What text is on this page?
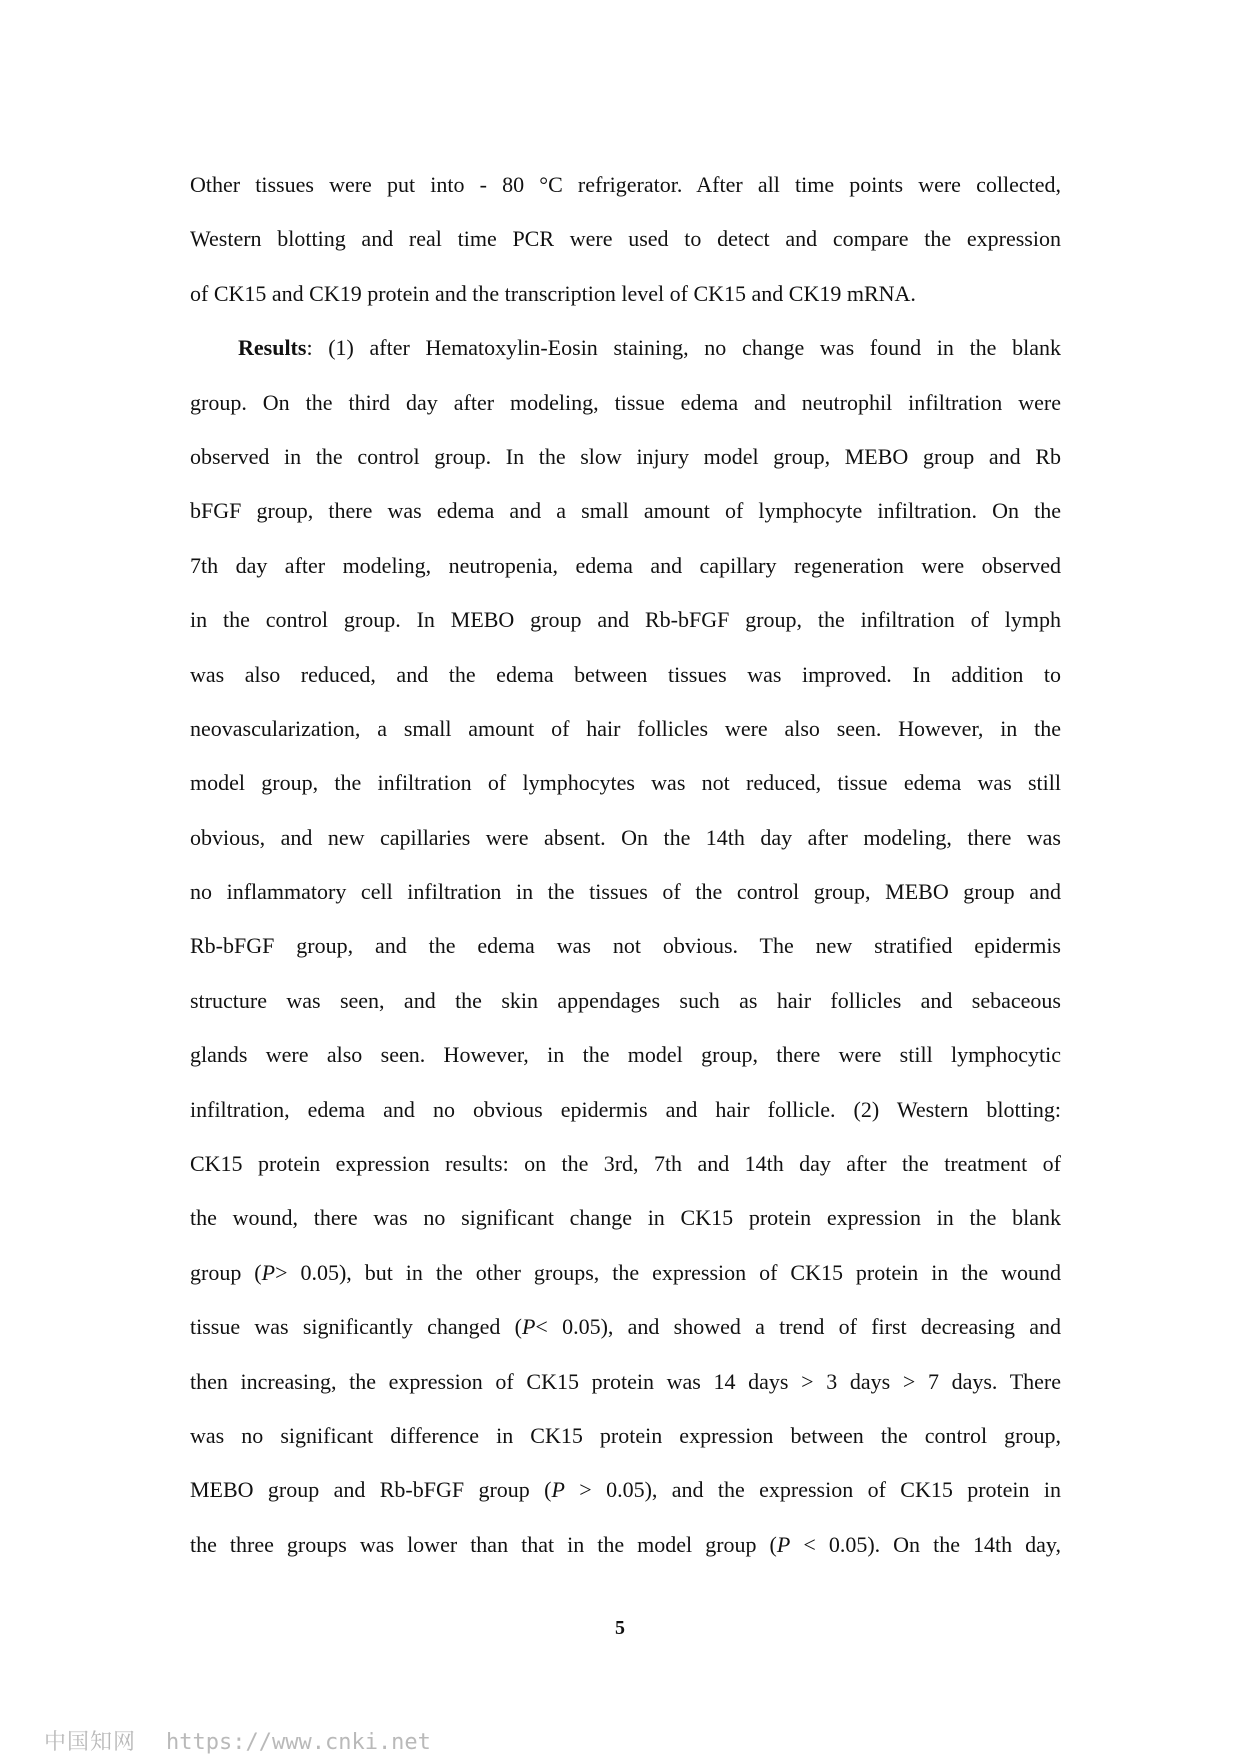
Other tissues were put into - 80 °C refrigerator. After all time points were collected,
Western blotting and real time PCR were used to detect and compare the expression
of CK15 and CK19 protein and the transcription level of CK15 and CK19 mRNA.
Results: (1) after Hematoxylin-Eosin staining, no change was found in the blank
group. On the third day after modeling, tissue edema and neutrophil infiltration were
observed in the control group. In the slow injury model group, MEBO group and Rb
bFGF group, there was edema and a small amount of lymphocyte infiltration. On the
7th day after modeling, neutropenia, edema and capillary regeneration were observed
in the control group. In MEBO group and Rb-bFGF group, the infiltration of lymph
was also reduced, and the edema between tissues was improved. In addition to
neovascularization, a small amount of hair follicles were also seen. However, in the
model group, the infiltration of lymphocytes was not reduced, tissue edema was still
obvious, and new capillaries were absent. On the 14th day after modeling, there was
no inflammatory cell infiltration in the tissues of the control group, MEBO group and
Rb-bFGF group, and the edema was not obvious. The new stratified epidermis
structure was seen, and the skin appendages such as hair follicles and sebaceous
glands were also seen. However, in the model group, there were still lymphocytic
infiltration, edema and no obvious epidermis and hair follicle. (2) Western blotting:
CK15 protein expression results: on the 3rd, 7th and 14th day after the treatment of
the wound, there was no significant change in CK15 protein expression in the blank
group (P> 0.05), but in the other groups, the expression of CK15 protein in the wound
tissue was significantly changed (P< 0.05), and showed a trend of first decreasing and
then increasing, the expression of CK15 protein was 14 days > 3 days > 7 days. There
was no significant difference in CK15 protein expression between the control group,
MEBO group and Rb-bFGF group (P > 0.05), and the expression of CK15 protein in
the three groups was lower than that in the model group (P < 0.05). On the 14th day,
5
中国知网 https://www.cnki.net
